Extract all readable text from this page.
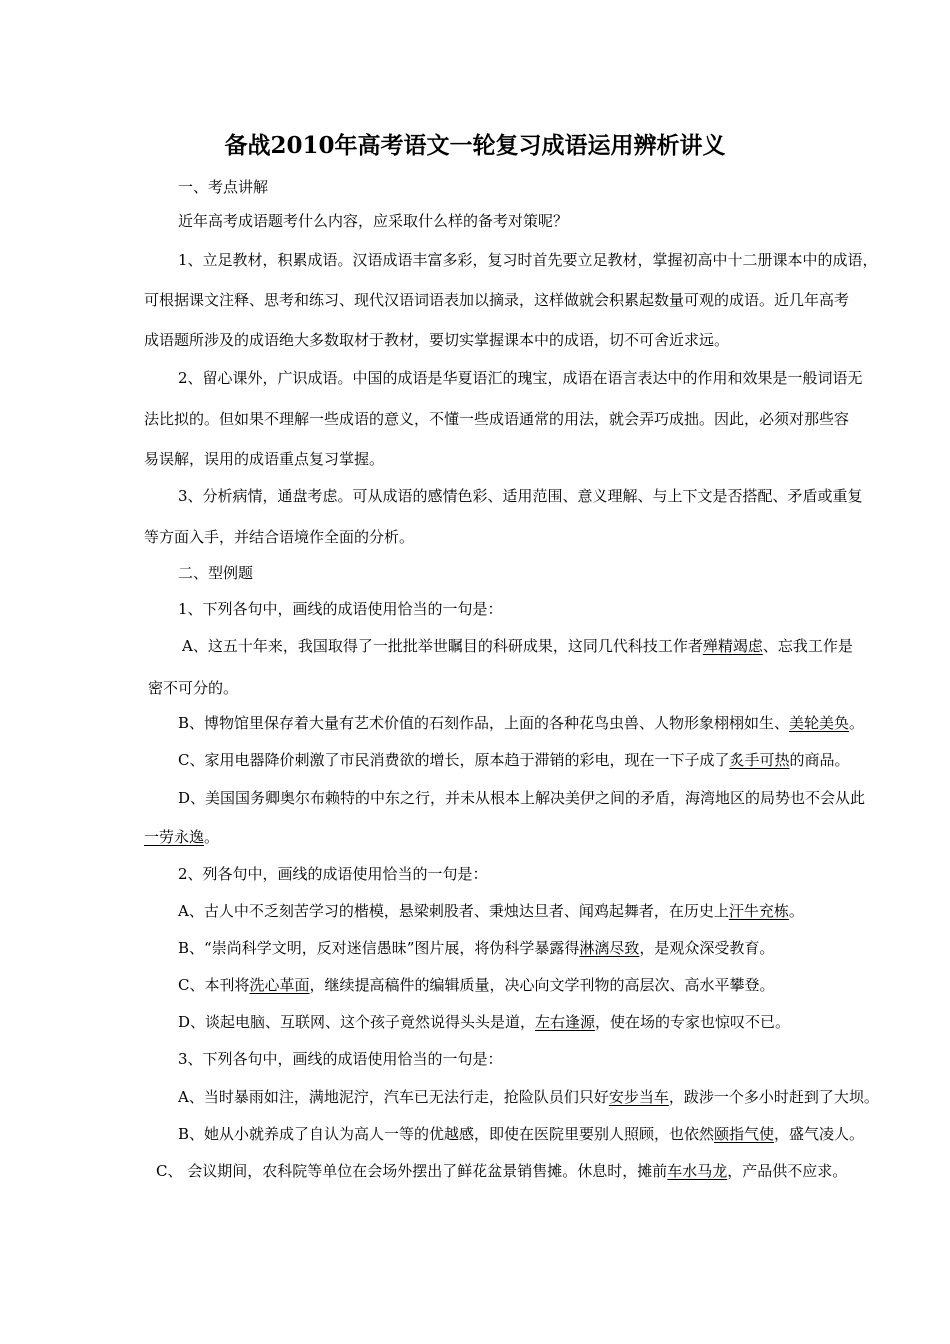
备战2010年高考语文一轮复习成语运用辨析讲义
一、考点讲解
近年高考成语题考什么内容，应采取什么样的备考对策呢？
1、立足教材，积累成语。汉语成语丰富多彩，复习时首先要立足教材，掌握初高中十二册课本中的成语，
可根据课文注释、思考和练习、现代汉语词语表加以摘录，这样做就会积累起数量可观的成语。近几年高考
成语题所涉及的成语绝大多数取材于教材，要切实掌握课本中的成语，切不可舍近求远。
2、留心课外，广识成语。中国的成语是华夏语汇的瑰宝，成语在语言表达中的作用和效果是一般词语无
法比拟的。但如果不理解一些成语的意义，不懂一些成语通常的用法，就会弄巧成拙。因此，必须对那些容
易误解，误用的成语重点复习掌握。
3、分析病情，通盘考虑。可从成语的感情色彩、适用范围、意义理解、与上下文是否搭配、矛盾或重复
等方面入手，并结合语境作全面的分析。
二、型例题
1、下列各句中，画线的成语使用恰当的一句是：
A、这五十年来，我国取得了一批批举世瞩目的科研成果，这同几代科技工作者殚精竭虑、忘我工作是
密不可分的。
B、博物馆里保存着大量有艺术价值的石刻作品，上面的各种花鸟虫兽、人物形象栩栩如生、美轮美奂。
C、家用电器降价刺激了市民消费欲的增长，原本趋于滞销的彩电，现在一下子成了炙手可热的商品。
D、美国国务卿奥尔布赖特的中东之行，并未从根本上解决美伊之间的矛盾，海湾地区的局势也不会从此
一劳永逸。
2、列各句中，画线的成语使用恰当的一句是：
A、古人中不乏刻苦学习的楷模，悬梁刺股者、秉烛达旦者、闻鸡起舞者，在历史上汗牛充栋。
B、“崇尚科学文明，反对迷信愚昧”图片展，将伪科学暴露得淋漓尽致，是观众深受教育。
C、本刊将洗心革面，继续提高稿件的编辑质量，决心向文学刊物的高层次、高水平攀登。
D、谈起电脑、互联网、这个孩子竟然说得头头是道，左右逢源，使在场的专家也惊叹不已。
3、下列各句中，画线的成语使用恰当的一句是：
A、当时暴雨如注，满地泥泞，汽车已无法行走，抢险队员们只好安步当车，跋涉一个多小时赶到了大坝。
B、她从小就养成了自认为高人一等的优越感，即使在医院里要别人照顾，也依然颐指气使，盛气凌人。
C、 会议期间，农科院等单位在会场外摆出了鲜花盆景销售摊。休息时，摊前车水马龙，产品供不应求。
